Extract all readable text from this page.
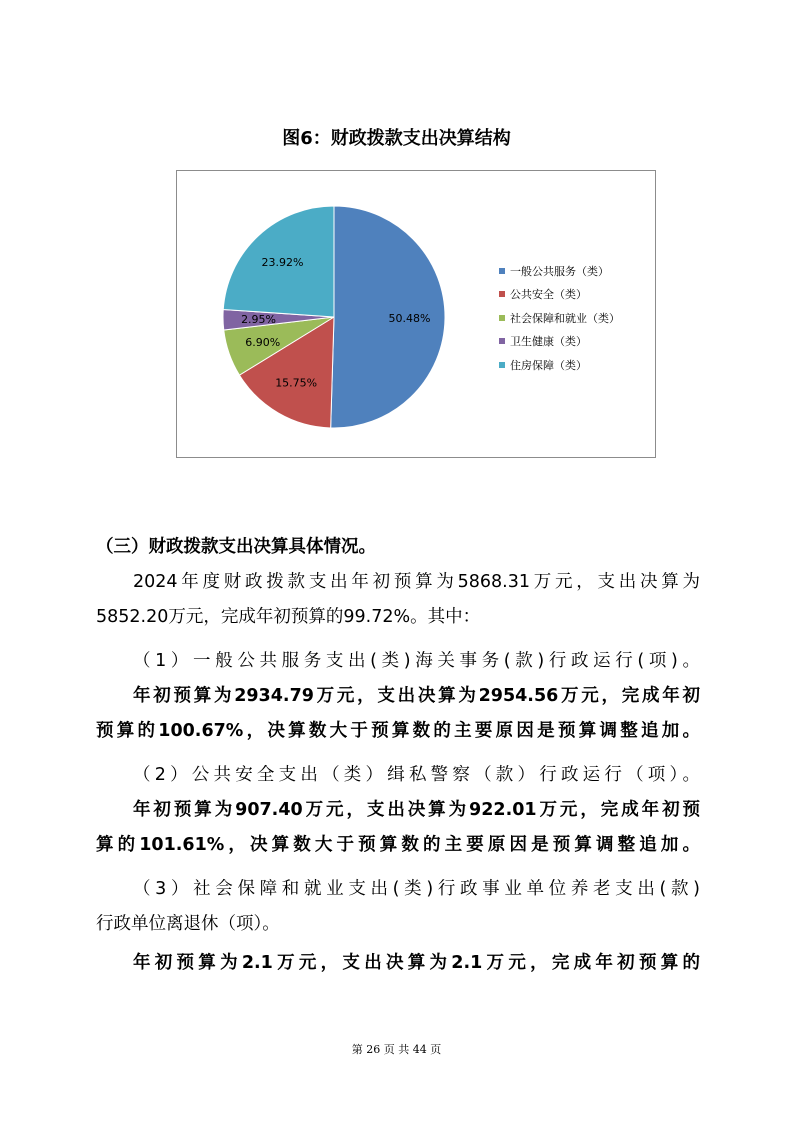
图6：财政拨款支出决算结构
50.48%
15.75%
6.90%
2.95%
23.92%
一般公共服务（类）
公共安全（类）
社会保障和就业（类）
卫生健康（类）
住房保障（类）

（三）财政拨款支出决算具体情况。

2024年度财政拨款支出年初预算为5868.31万元，支出决算为

5852.20万元，完成年初预算的99.72%。其中：

（1）一般公共服务支出(类)海关事务(款)行政运行(项)。

年初预算为2934.79万元，支出决算为2954.56万元，完成年初

预算的100.67%，决算数大于预算数的主要原因是预算调整追加。

（2）公共安全支出（类）缉私警察（款）行政运行（项）。

年初预算为907.40万元，支出决算为922.01万元，完成年初预

算的101.61%，决算数大于预算数的主要原因是预算调整追加。

（3）社会保障和就业支出(类)行政事业单位养老支出(款)

行政单位离退休（项）。

年初预算为2.1万元，支出决算为2.1万元，完成年初预算的

第 26 页 共 44 页
